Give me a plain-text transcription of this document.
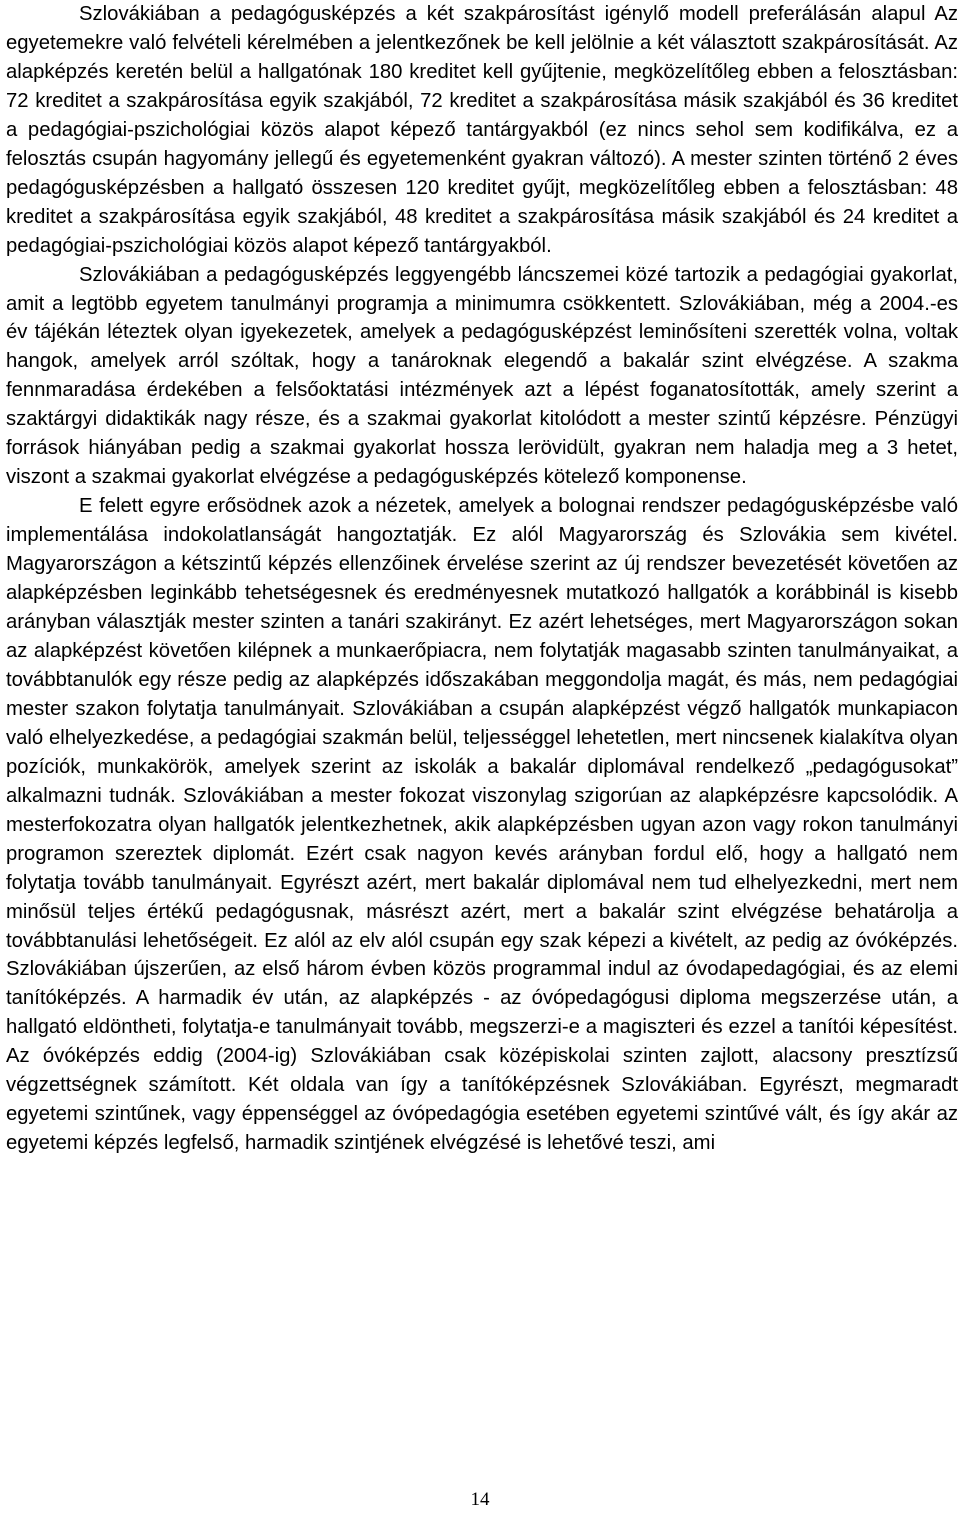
Szlovákiában a pedagógusképzés a két szakpárosítást igénylő modell preferálásán alapul Az egyetemekre való felvételi kérelmében a jelentkezőnek be kell jelölnie a két választott szakpárosítását. Az alapképzés keretén belül a hallgatónak 180 kreditet kell gyűjtenie, megközelítőleg ebben a felosztásban: 72 kreditet a szakpárosítása egyik szakjából, 72 kreditet a szakpárosítása másik szakjából és 36 kreditet a pedagógiai-pszichológiai közös alapot képező tantárgyakból (ez nincs sehol sem kodifikálva, ez a felosztás csupán hagyomány jellegű és egyetemenként gyakran változó). A mester szinten történő 2 éves pedagógusképzésben a hallgató összesen 120 kreditet gyűjt, megközelítőleg ebben a felosztásban: 48 kreditet a szakpárosítása egyik szakjából, 48 kreditet a szakpárosítása másik szakjából és 24 kreditet a pedagógiai-pszichológiai közös alapot képező tantárgyakból.

Szlovákiában a pedagógusképzés leggyengébb láncszemei közé tartozik a pedagógiai gyakorlat, amit a legtöbb egyetem tanulmányi programja a minimumra csökkentett. Szlovákiában, még a 2004.-es év tájékán léteztek olyan igyekezetek, amelyek a pedagógusképzést leminősíteni szerették volna, voltak hangok, amelyek arról szóltak, hogy a tanároknak elegendő a bakalár szint elvégzése. A szakma fennmaradása érdekében a felsőoktatási intézmények azt a lépést foganatosították, amely szerint a szaktárgyi didaktikák nagy része, és a szakmai gyakorlat kitolódott a mester szintű képzésre. Pénzügyi források hiányában pedig a szakmai gyakorlat hossza lerövidült, gyakran nem haladja meg a 3 hetet, viszont a szakmai gyakorlat elvégzése a pedagógusképzés kötelező komponense.

E felett egyre erősödnek azok a nézetek, amelyek a bolognai rendszer pedagógusképzésbe való implementálása indokolatlanságát hangoztatják. Ez alól Magyarország és Szlovákia sem kivétel. Magyarországon a kétszintű képzés ellenzőinek érvelése szerint az új rendszer bevezetését követően az alapképzésben leginkább tehetségesnek és eredményesnek mutatkozó hallgatók a korábbinál is kisebb arányban választják mester szinten a tanári szakirányt. Ez azért lehetséges, mert Magyarországon sokan az alapképzést követően kilépnek a munkaerőpiacra, nem folytatják magasabb szinten tanulmányaikat, a továbbtanulók egy része pedig az alapképzés időszakában meggondolja magát, és más, nem pedagógiai mester szakon folytatja tanulmányait. Szlovákiában a csupán alapképzést végző hallgatók munkapiacon való elhelyezkedése, a pedagógiai szakmán belül, teljességgel lehetetlen, mert nincsenek kialakítva olyan pozíciók, munkakörök, amelyek szerint az iskolák a bakalár diplomával rendelkező „pedagógusokat” alkalmazni tudnák. Szlovákiában a mester fokozat viszonylag szigorúan az alapképzésre kapcsolódik. A mesterfokozatra olyan hallgatók jelentkezhetnek, akik alapképzésben ugyan azon vagy rokon tanulmányi programon szereztek diplomát. Ezért csak nagyon kevés arányban fordul elő, hogy a hallgató nem folytatja tovább tanulmányait. Egyrészt azért, mert bakalár diplomával nem tud elhelyezkedni, mert nem minősül teljes értékű pedagógusnak, másrészt azért, mert a bakalár szint elvégzése behatárolja a továbbtanulási lehetőségeit. Ez alól az elv alól csupán egy szak képezi a kivételt, az pedig az óvóképzés. Szlovákiában újszerűen, az első három évben közös programmal indul az óvodapedagógiai, és az elemi tanítóképzés. A harmadik év után, az alapképzés - az óvópedagógusi diploma megszerzése után, a hallgató eldöntheti, folytatja-e tanulmányait tovább, megszerzi-e a magiszteri és ezzel a tanítói képesítést. Az óvóképzés eddig (2004-ig) Szlovákiában csak középiskolai szinten zajlott, alacsony presztízsű végzettségnek számított. Két oldala van így a tanítóképzésnek Szlovákiában. Egyrészt, megmaradt egyetemi szintűnek, vagy éppenséggel az óvópedagógia esetében egyetemi szintűvé vált, és így akár az egyetemi képzés legfelső, harmadik szintjének elvégzésé is lehetővé teszi, ami

14
